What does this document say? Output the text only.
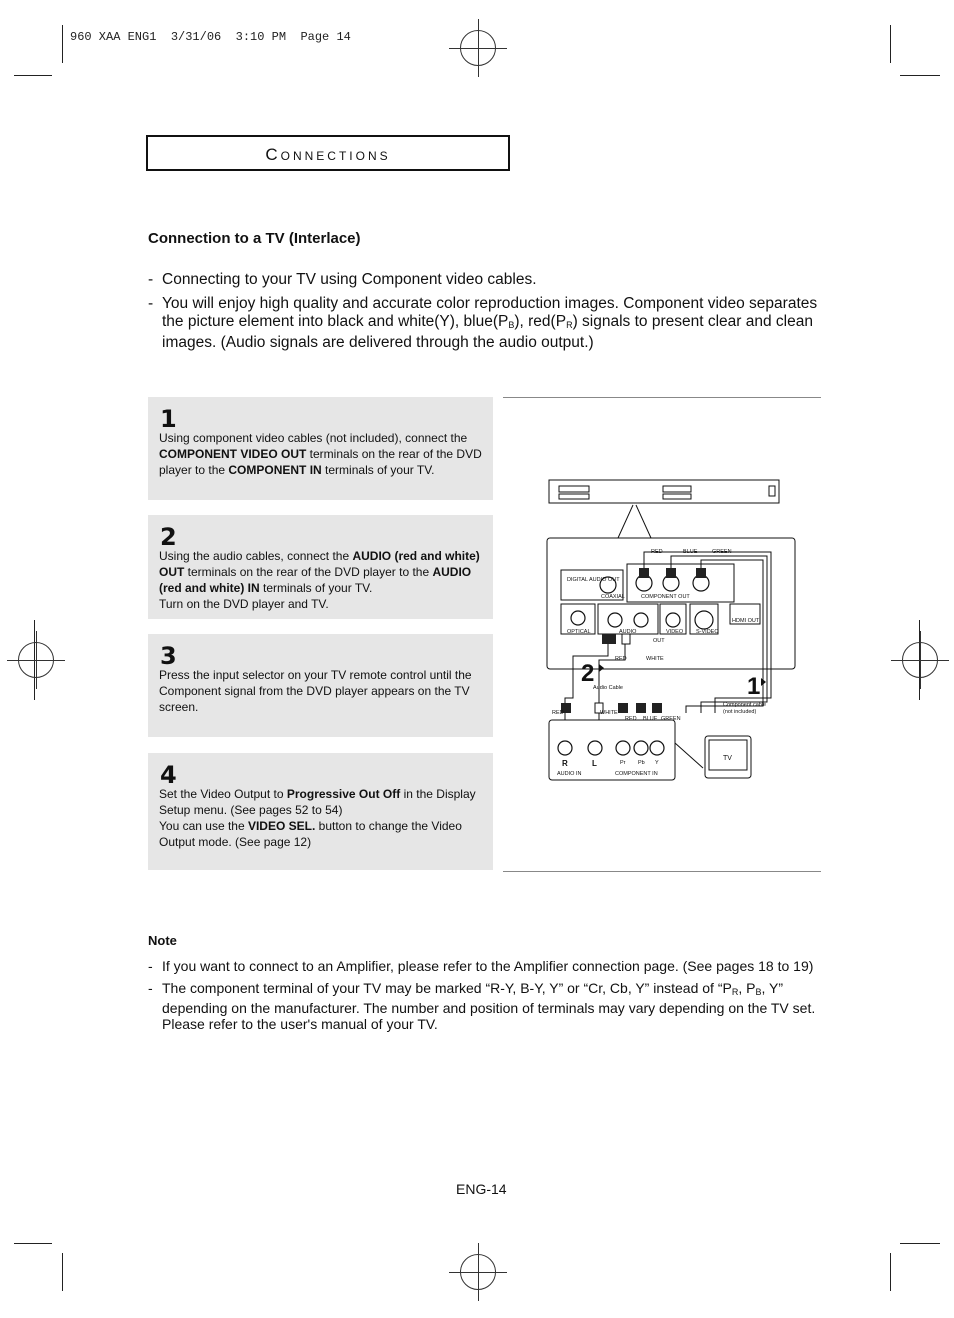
960 XAA ENG1  3/31/06  3:10 PM  Page 14
Connections
Connection to a TV (Interlace)
- Connecting to your TV using Component video cables.
- You will enjoy high quality and accurate color reproduction images. Component video separates the picture element into black and white(Y), $blue(P_B)$, $red(P_R)$ signals to present clear and clean images. (Audio signals are delivered through the audio output.)
1
Using component video cables (not included), connect the COMPONENT VIDEO OUT terminals on the rear of the DVD player to the COMPONENT IN terminals of your TV.
2
Using the audio cables, connect the AUDIO (red and white) OUT terminals on the rear of the DVD player to the AUDIO (red and white) IN terminals of your TV.
Turn on the DVD player and TV.
3
Press the input selector on your TV remote control until the Component signal from the DVD player appears on the TV screen.
4
Set the Video Output to Progressive Out Off in the Display Setup menu. (See pages 52 to 54)
You can use the VIDEO SEL. button to change the Video Output mode. (See page 12)
RED	BLUE	GREEN
DIGITAL AUDIO OUT
COAXIAL	COMPONENT OUT
OPTICAL	AUDIO
OUT
VIDEO S-VIDEO
HDMI OUT
RED	WHITE
Audio Cable
Component cable
(not included)
RED	WHITE
RED BLUE GREEN
Pr Pb Y
AUDIO IN	COMPONENT IN
R	L
TV
2	1
Note
- If you want to connect to an Amplifier, please refer to the Amplifier connection page. (See pages 18 to 19)
- The component terminal of your TV may be marked “R-Y, B-Y, Y” or “Cr, Cb, Y” instead of “$P_R$, $P_B$, Y” depending on the manufacturer. The number and position of terminals may vary depending on the TV set. Please refer to the user's manual of your TV.
ENG-14
